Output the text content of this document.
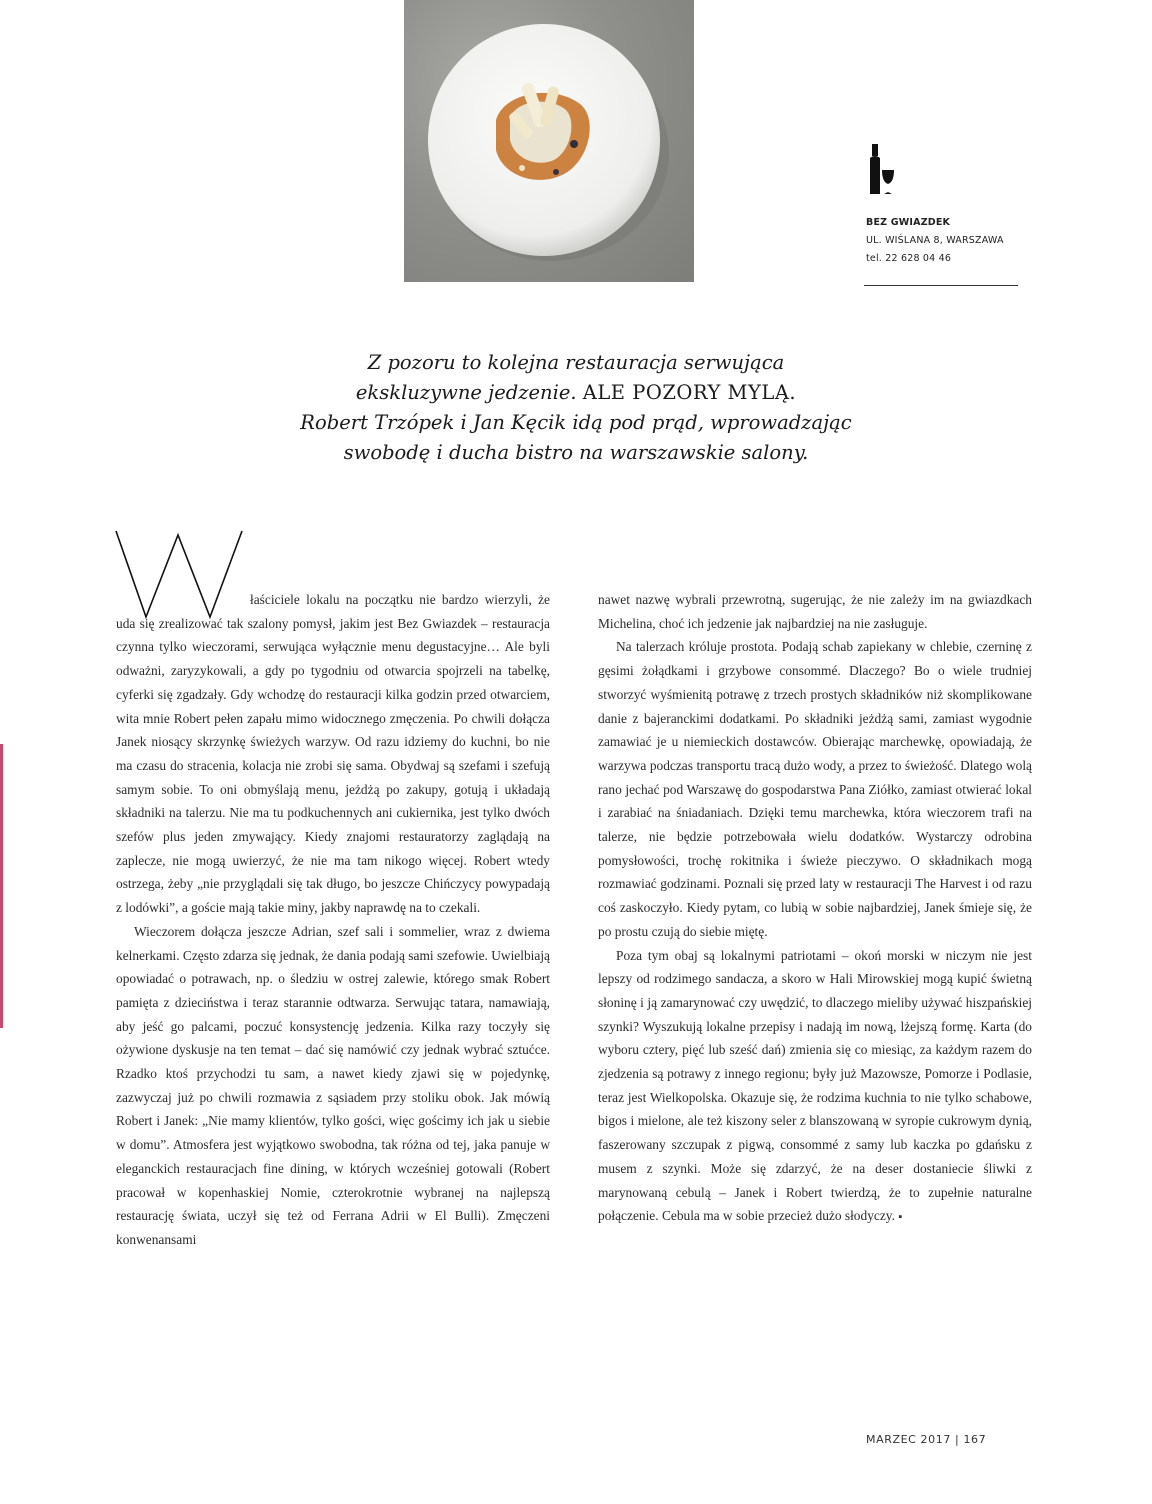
BEZ GWIAZDEK
UL. WIŚLANA 8, WARSZAWA
tel. 22 628 04 46
Z pozoru to kolejna restauracja serwująca
ekskluzywne jedzenie. ALE POZORY MYLĄ.
Robert Trzópek i Jan Kęcik idą pod prąd, wprowadzając
swobodę i ducha bistro na warszawskie salony.

łaściciele lokalu na początku nie bardzo wierzyli, że uda się zrealizować tak szalony pomysł, jakim jest Bez Gwiazdek – restauracja czynna tylko wieczorami, serwująca wyłącznie menu degustacyjne… Ale byli odważni, zaryzykowali, a gdy po tygodniu od otwarcia spojrzeli na tabelkę, cyferki się zgadzały. Gdy wchodzę do restauracji kilka godzin przed otwarciem, wita mnie Robert pełen zapału mimo widocznego zmęczenia. Po chwili dołącza Janek niosący skrzynkę świeżych warzyw. Od razu idziemy do kuchni, bo nie ma czasu do stracenia, kolacja nie zrobi się sama. Obydwaj są szefami i szefują samym sobie. To oni obmyślają menu, jeżdżą po zakupy, gotują i układają składniki na talerzu. Nie ma tu podkuchennych ani cukiernika, jest tylko dwóch szefów plus jeden zmywający. Kiedy znajomi restauratorzy zaglądają na zaplecze, nie mogą uwierzyć, że nie ma tam nikogo więcej. Robert wtedy ostrzega, żeby „nie przyglądali się tak długo, bo jeszcze Chińczycy powypadają z lodówki”, a goście mają takie miny, jakby naprawdę na to czekali.

Wieczorem dołącza jeszcze Adrian, szef sali i sommelier, wraz z dwiema kelnerkami. Często zdarza się jednak, że dania podają sami szefowie. Uwielbiają opowiadać o potrawach, np. o śledziu w ostrej zalewie, którego smak Robert pamięta z dzieciństwa i teraz starannie odtwarza. Serwując tatara, namawiają, aby jeść go palcami, poczuć konsystencję jedzenia. Kilka razy toczyły się ożywione dyskusje na ten temat – dać się namówić czy jednak wybrać sztućce. Rzadko ktoś przychodzi tu sam, a nawet kiedy zjawi się w pojedynkę, zazwyczaj już po chwili rozmawia z sąsiadem przy stoliku obok. Jak mówią Robert i Janek: „Nie mamy klientów, tylko gości, więc gościmy ich jak u siebie w domu”. Atmosfera jest wyjątkowo swobodna, tak różna od tej, jaka panuje w eleganckich restauracjach fine dining, w których wcześniej gotowali (Robert pracował w kopenhaskiej Nomie, czterokrotnie wybranej na najlepszą restaurację świata, uczył się też od Ferrana Adrii w El Bulli). Zmęczeni konwenansami

nawet nazwę wybrali przewrotną, sugerując, że nie zależy im na gwiazdkach Michelina, choć ich jedzenie jak najbardziej na nie zasługuje.

Na talerzach króluje prostota. Podają schab zapiekany w chlebie, czerninę z gęsimi żołądkami i grzybowe consommé. Dlaczego? Bo o wiele trudniej stworzyć wyśmienitą potrawę z trzech prostych składników niż skomplikowane danie z bajeranckimi dodatkami. Po składniki jeżdżą sami, zamiast wygodnie zamawiać je u niemieckich dostawców. Obierając marchewkę, opowiadają, że warzywa podczas transportu tracą dużo wody, a przez to świeżość. Dlatego wolą rano jechać pod Warszawę do gospodarstwa Pana Ziółko, zamiast otwierać lokal i zarabiać na śniadaniach. Dzięki temu marchewka, która wieczorem trafi na talerze, nie będzie potrzebowała wielu dodatków. Wystarczy odrobina pomysłowości, trochę rokitnika i świeże pieczywo. O składnikach mogą rozmawiać godzinami. Poznali się przed laty w restauracji The Harvest i od razu coś zaskoczyło. Kiedy pytam, co lubią w sobie najbardziej, Janek śmieje się, że po prostu czują do siebie miętę.

Poza tym obaj są lokalnymi patriotami – okoń morski w niczym nie jest lepszy od rodzimego sandacza, a skoro w Hali Mirowskiej mogą kupić świetną słoninę i ją zamarynować czy uwędzić, to dlaczego mieliby używać hiszpańskiej szynki? Wyszukują lokalne przepisy i nadają im nową, lżejszą formę. Karta (do wyboru cztery, pięć lub sześć dań) zmienia się co miesiąc, za każdym razem do zjedzenia są potrawy z innego regionu; były już Mazowsze, Pomorze i Podlasie, teraz jest Wielkopolska. Okazuje się, że rodzima kuchnia to nie tylko schabowe, bigos i mielone, ale też kiszony seler z blanszowaną w syropie cukrowym dynią, faszerowany szczupak z pigwą, consommé z samy lub kaczka po gdańsku z musem z szynki. Może się zdarzyć, że na deser dostaniecie śliwki z marynowaną cebulą – Janek i Robert twierdzą, że to zupełnie naturalne połączenie. Cebula ma w sobie przecież dużo słodyczy. ▪

MARZEC 2017 | 167
